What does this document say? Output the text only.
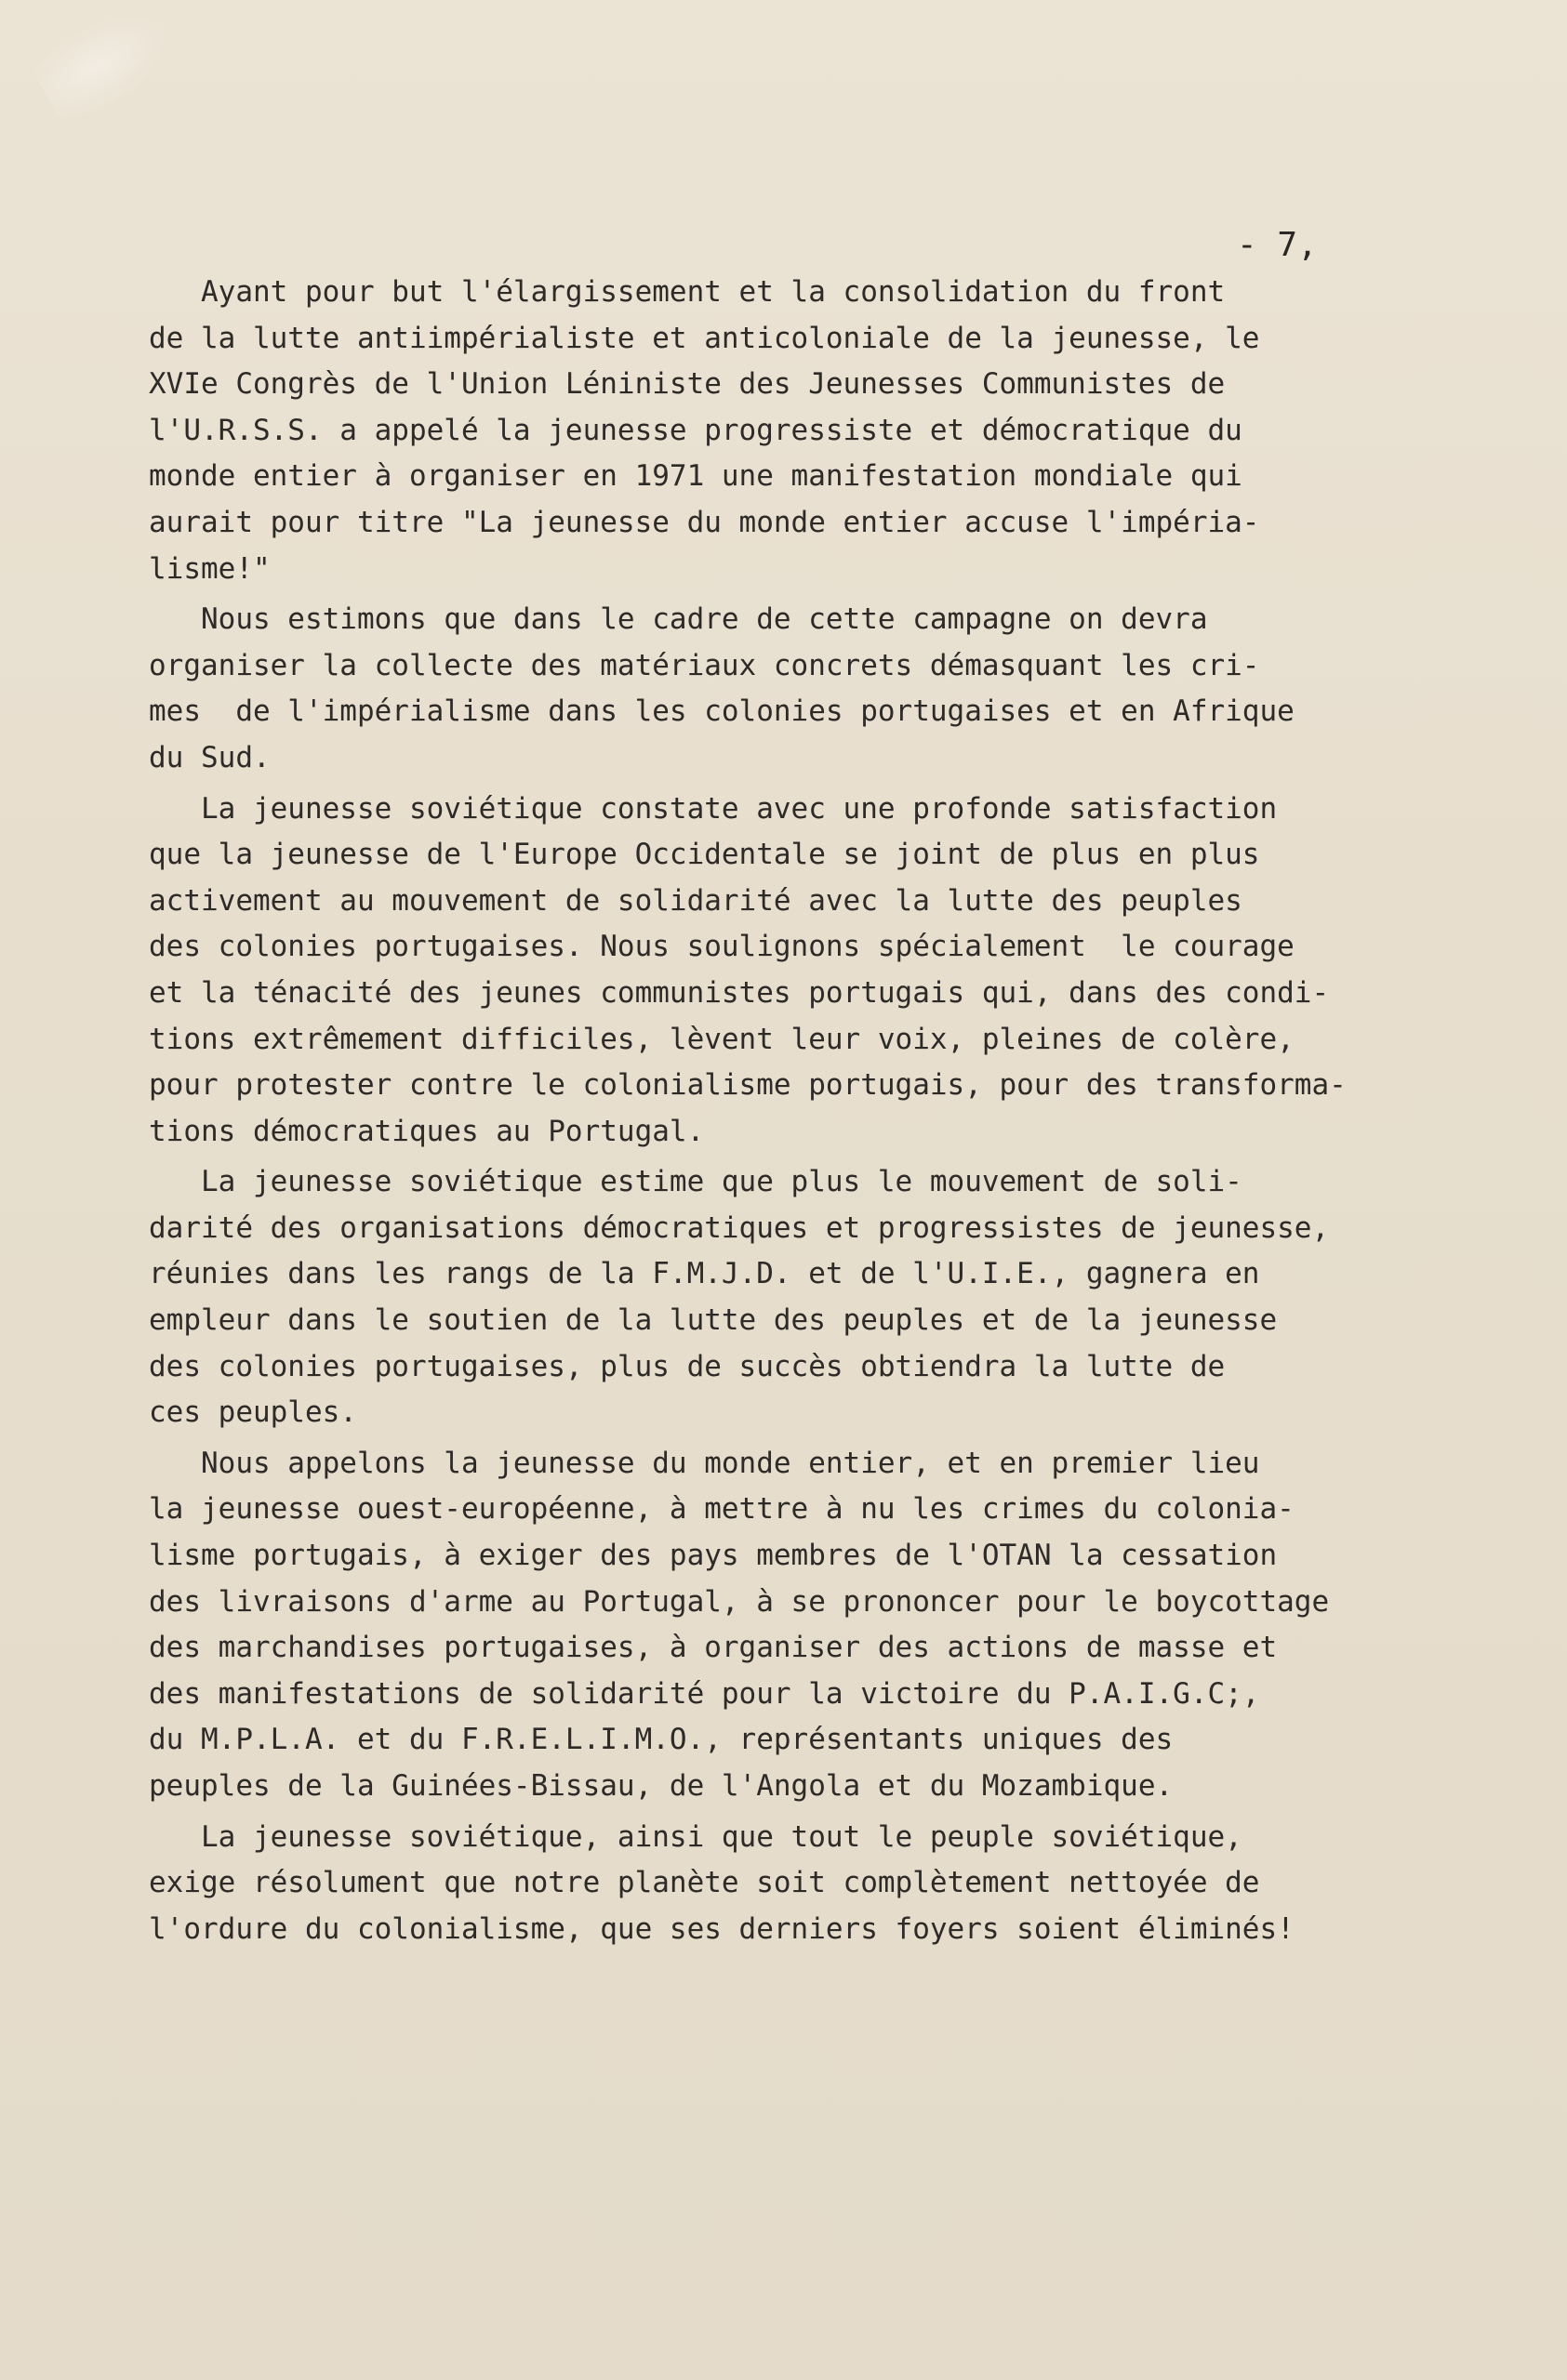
- 7,

Ayant pour but l'élargissement et la consolidation du front
de la lutte antiimpérialiste et anticoloniale de la jeunesse, le
XVIe Congrès de l'Union Léniniste des Jeunesses Communistes de
l'U.R.S.S. a appelé la jeunesse progressiste et démocratique du
monde entier à organiser en 1971 une manifestation mondiale qui
aurait pour titre "La jeunesse du monde entier accuse l'impéria-
lisme!"
Nous estimons que dans le cadre de cette campagne on devra
organiser la collecte des matériaux concrets démasquant les cri-
mes  de l'impérialisme dans les colonies portugaises et en Afrique
du Sud.
La jeunesse soviétique constate avec une profonde satisfaction
que la jeunesse de l'Europe Occidentale se joint de plus en plus
activement au mouvement de solidarité avec la lutte des peuples
des colonies portugaises. Nous soulignons spécialement  le courage
et la ténacité des jeunes communistes portugais qui, dans des condi-
tions extrêmement difficiles, lèvent leur voix, pleines de colère,
pour protester contre le colonialisme portugais, pour des transforma-
tions démocratiques au Portugal.
La jeunesse soviétique estime que plus le mouvement de soli-
darité des organisations démocratiques et progressistes de jeunesse,
réunies dans les rangs de la F.M.J.D. et de l'U.I.E., gagnera en
empleur dans le soutien de la lutte des peuples et de la jeunesse
des colonies portugaises, plus de succès obtiendra la lutte de
ces peuples.
Nous appelons la jeunesse du monde entier, et en premier lieu
la jeunesse ouest-européenne, à mettre à nu les crimes du colonia-
lisme portugais, à exiger des pays membres de l'OTAN la cessation
des livraisons d'arme au Portugal, à se prononcer pour le boycottage
des marchandises portugaises, à organiser des actions de masse et
des manifestations de solidarité pour la victoire du P.A.I.G.C;,
du M.P.L.A. et du F.R.E.L.I.M.O., représentants uniques des
peuples de la Guinées-Bissau, de l'Angola et du Mozambique.
La jeunesse soviétique, ainsi que tout le peuple soviétique,
exige résolument que notre planète soit complètement nettoyée de
l'ordure du colonialisme, que ses derniers foyers soient éliminés!
